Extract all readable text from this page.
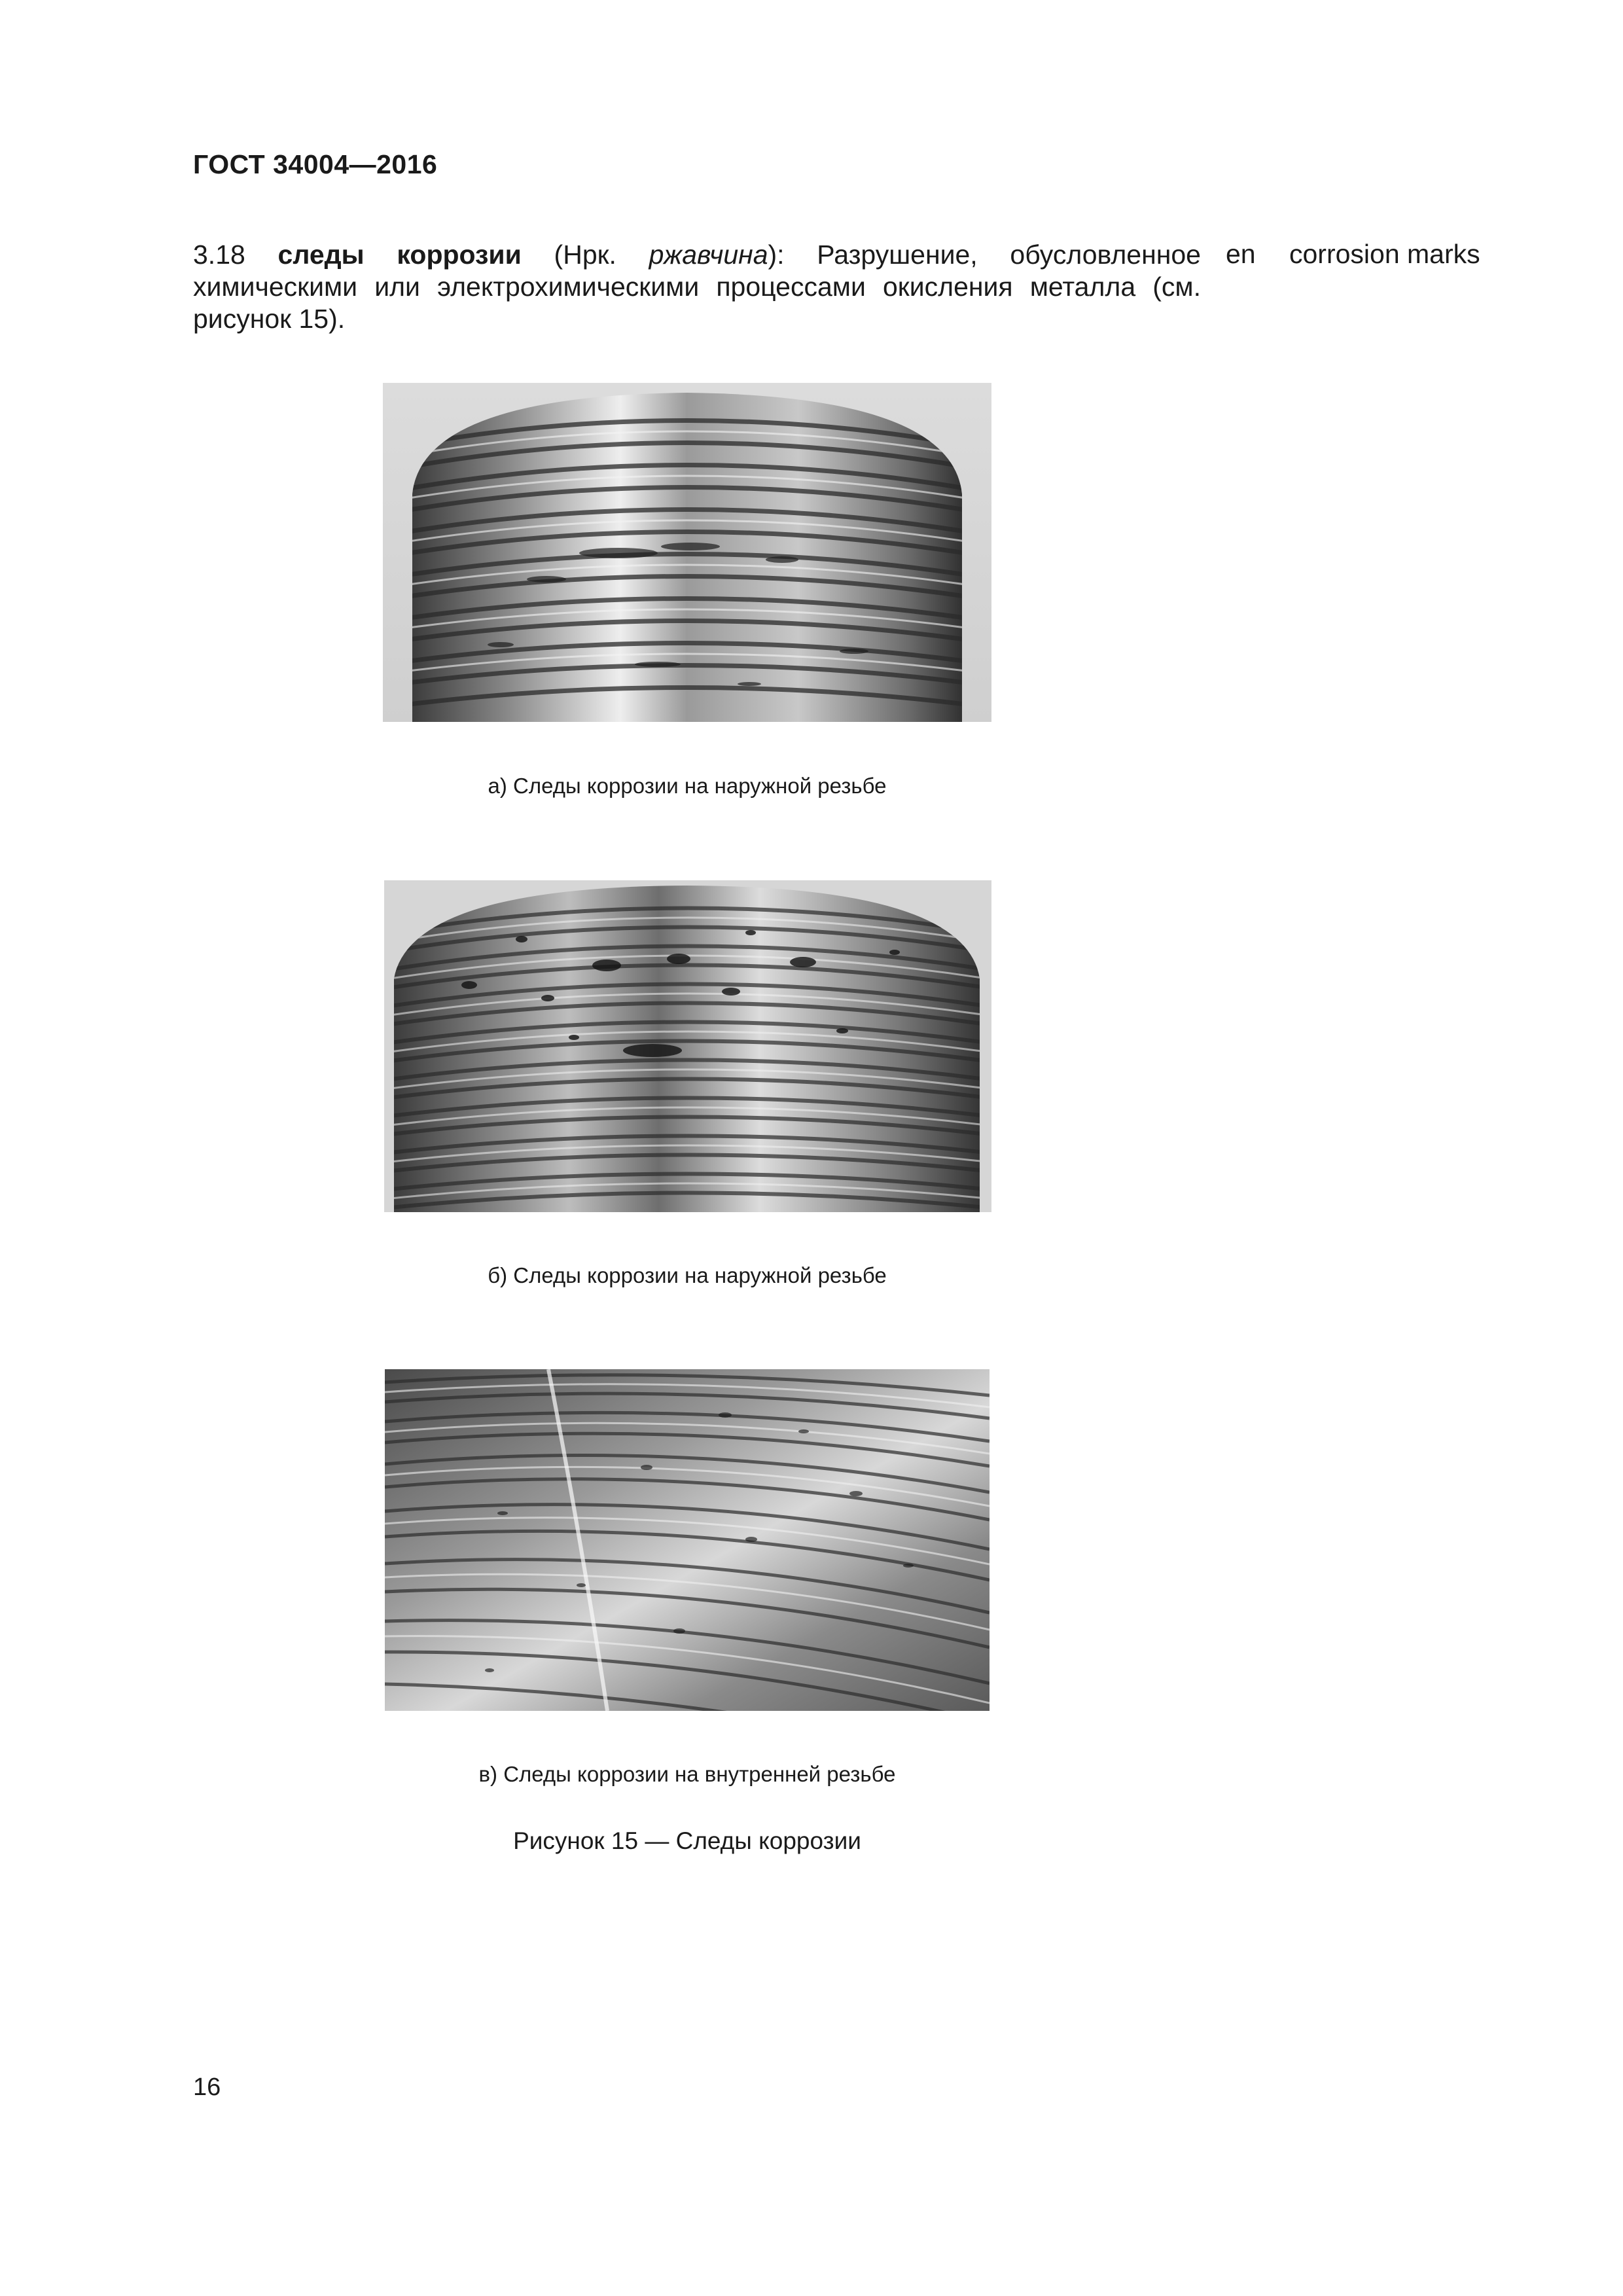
ГОСТ 34004—2016
3.18 следы коррозии (Нрк. ржавчина): Разрушение, обусловленное химическими или электрохимическими процессами окисления металла (см. рисунок 15).
en corrosion marks
а) Следы коррозии на наружной резьбе
б) Следы коррозии на наружной резьбе
в) Следы коррозии на внутренней резьбе
Рисунок 15 — Следы коррозии
16
